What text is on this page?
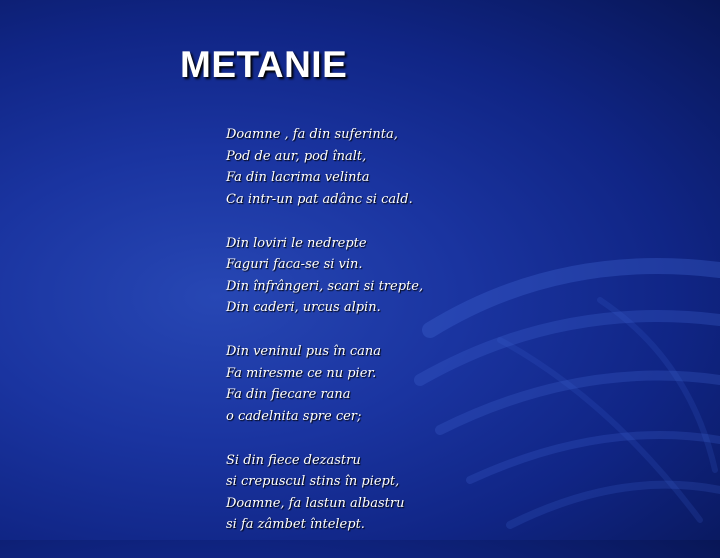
METANIE
Doamne , fa din suferinta,
Pod de aur, pod înalt,
Fa din lacrima velinta
Ca intr-un pat adânc si cald.
Din loviri le nedrepte
Faguri faca-se si vin.
Din înfrângeri, scari si trepte,
Din caderi, urcus alpin.
Din veninul pus în cana
Fa miresme ce nu pier.
Fa din fiecare rana
o cadelnita spre cer;
Si din fiece dezastru
si crepuscul stins în piept,
Doamne, fa lastun albastru
si fa zâmbet întelept.
